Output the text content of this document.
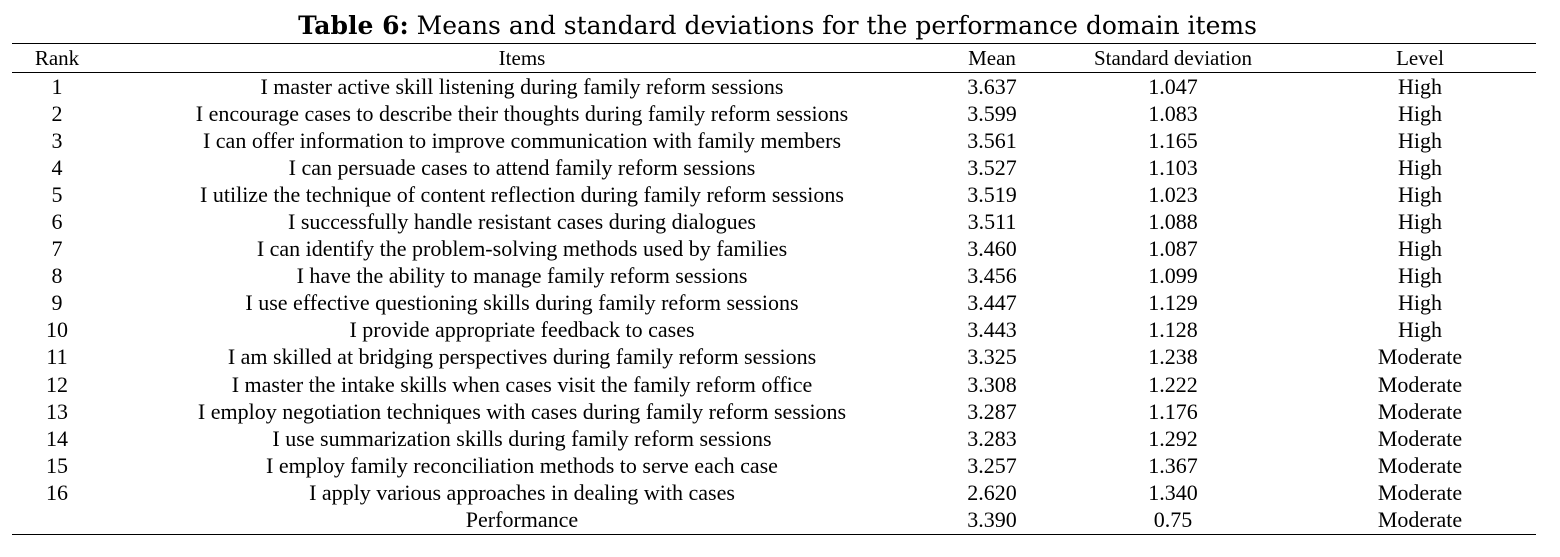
Table 6: Means and standard deviations for the performance domain items
Rank	Items	Mean	Standard deviation	Level
1	I master active skill listening during family reform sessions	3.637	1.047	High
2	I encourage cases to describe their thoughts during family reform sessions	3.599	1.083	High
3	I can offer information to improve communication with family members	3.561	1.165	High
4	I can persuade cases to attend family reform sessions	3.527	1.103	High
5	I utilize the technique of content reflection during family reform sessions	3.519	1.023	High
6	I successfully handle resistant cases during dialogues	3.511	1.088	High
7	I can identify the problem-solving methods used by families	3.460	1.087	High
8	I have the ability to manage family reform sessions	3.456	1.099	High
9	I use effective questioning skills during family reform sessions	3.447	1.129	High
10	I provide appropriate feedback to cases	3.443	1.128	High
11	I am skilled at bridging perspectives during family reform sessions	3.325	1.238	Moderate
12	I master the intake skills when cases visit the family reform office	3.308	1.222	Moderate
13	I employ negotiation techniques with cases during family reform sessions	3.287	1.176	Moderate
14	I use summarization skills during family reform sessions	3.283	1.292	Moderate
15	I employ family reconciliation methods to serve each case	3.257	1.367	Moderate
16	I apply various approaches in dealing with cases	2.620	1.340	Moderate
	Performance	3.390	0.75	Moderate
